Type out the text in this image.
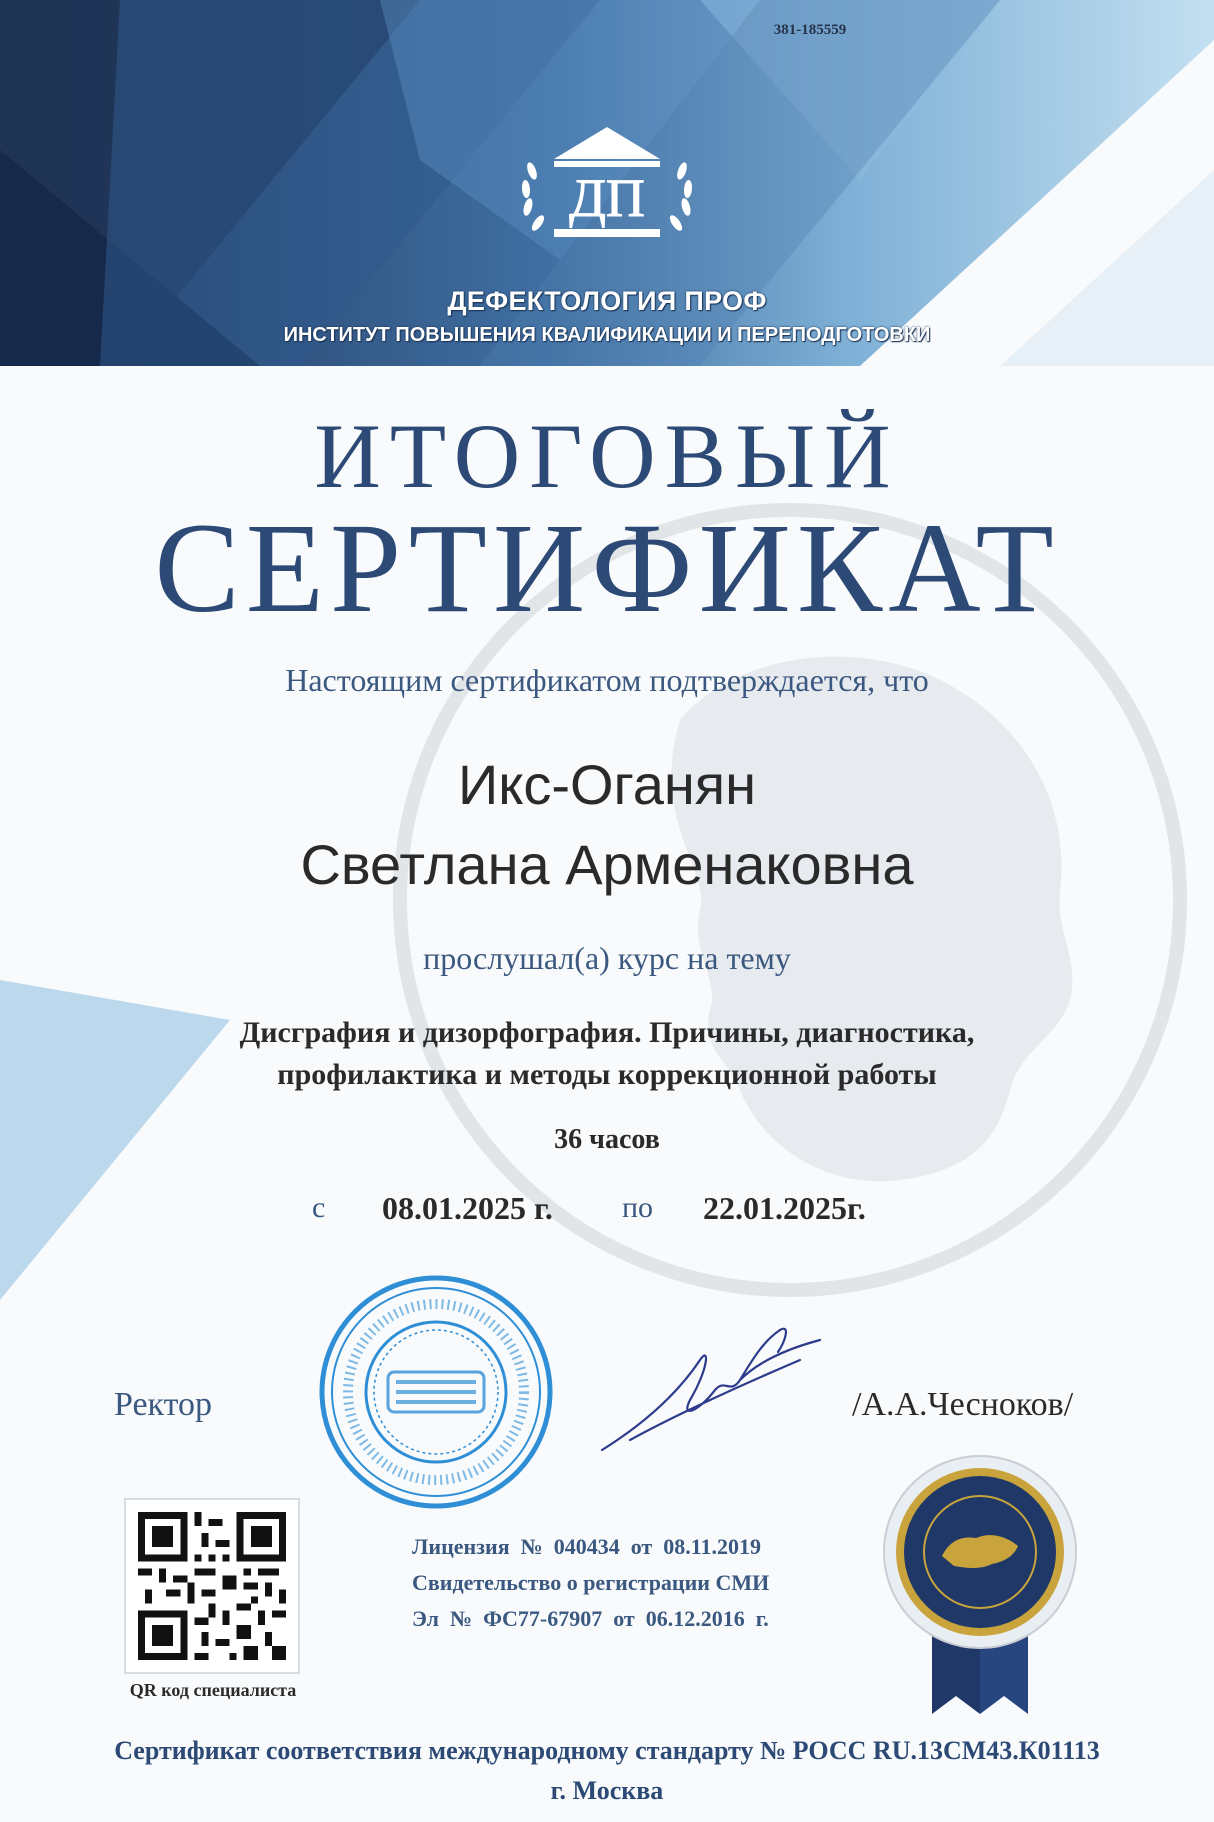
381-185559
ДП
ДЕФЕКТОЛОГИЯ ПРОФ
ИНСТИТУТ ПОВЫШЕНИЯ КВАЛИФИКАЦИИ И ПЕРЕПОДГОТОВКИ
ИТОГОВЫЙ
СЕРТИФИКАТ
Настоящим сертификатом подтверждается, что
Икс-Оганян
Светлана Арменаковна
прослушал(а) курс на тему
Дисграфия и дизорфография. Причины, диагностика,
профилактика и методы коррекционной работы
36 часов
с 08.01.2025 г. по 22.01.2025г.
Ректор	/А.А.Чесноков/
QR код специалиста
Лицензия  №  040434  от  08.11.2019
Свидетельство о регистрации СМИ
Эл  №  ФС77-67907  от  06.12.2016  г.
Сертификат соответствия международному стандарту № РОСС RU.13СМ43.К01113
г. Москва
